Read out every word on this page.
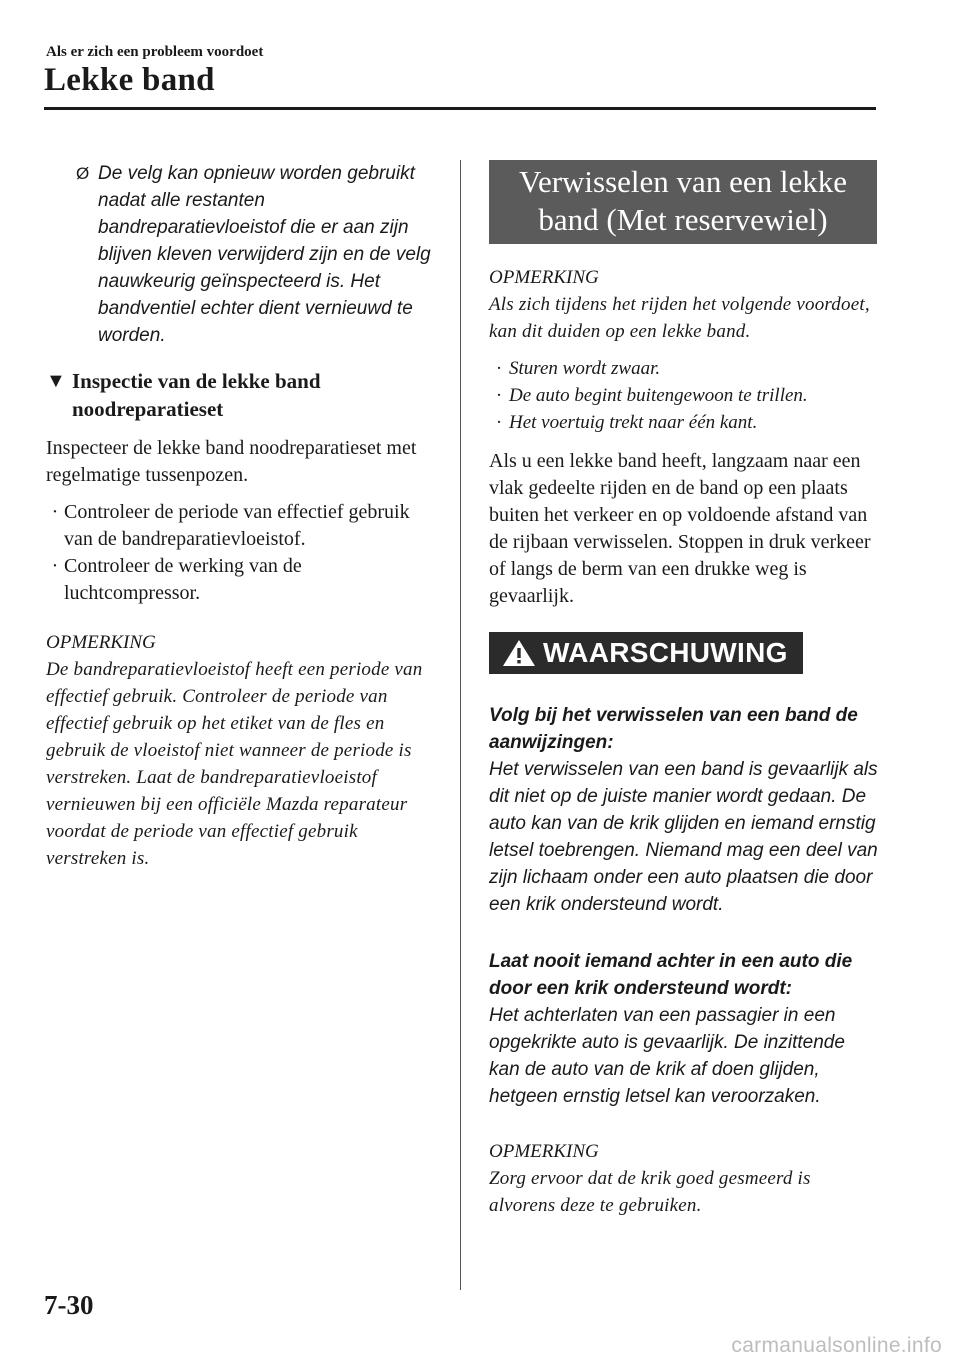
Als er zich een probleem voordoet
Lekke band
Ø De velg kan opnieuw worden gebruikt nadat alle restanten bandreparatievloeistof die er aan zijn blijven kleven verwijderd zijn en de velg nauwkeurig geïnspecteerd is. Het bandventiel echter dient vernieuwd te worden.
▼ Inspectie van de lekke band noodreparatieset
Inspecteer de lekke band noodreparatieset met regelmatige tussenpozen.
· Controleer de periode van effectief gebruik van de bandreparatievloeistof.
· Controleer de werking van de luchtcompressor.
OPMERKING
De bandreparatievloeistof heeft een periode van effectief gebruik. Controleer de periode van effectief gebruik op het etiket van de fles en gebruik de vloeistof niet wanneer de periode is verstreken. Laat de bandreparatievloeistof vernieuwen bij een officiële Mazda reparateur voordat de periode van effectief gebruik verstreken is.
Verwisselen van een lekke band (Met reservewiel)
OPMERKING
Als zich tijdens het rijden het volgende voordoet, kan dit duiden op een lekke band.
· Sturen wordt zwaar.
· De auto begint buitengewoon te trillen.
· Het voertuig trekt naar één kant.
Als u een lekke band heeft, langzaam naar een vlak gedeelte rijden en de band op een plaats buiten het verkeer en op voldoende afstand van de rijbaan verwisselen. Stoppen in druk verkeer of langs de berm van een drukke weg is gevaarlijk.
WAARSCHUWING
Volg bij het verwisselen van een band de aanwijzingen:
Het verwisselen van een band is gevaarlijk als dit niet op de juiste manier wordt gedaan. De auto kan van de krik glijden en iemand ernstig letsel toebrengen. Niemand mag een deel van zijn lichaam onder een auto plaatsen die door een krik ondersteund wordt.
Laat nooit iemand achter in een auto die door een krik ondersteund wordt:
Het achterlaten van een passagier in een opgekrikte auto is gevaarlijk. De inzittende kan de auto van de krik af doen glijden, hetgeen ernstig letsel kan veroorzaken.
OPMERKING
Zorg ervoor dat de krik goed gesmeerd is alvorens deze te gebruiken.
7-30
carmanualsonline.info
